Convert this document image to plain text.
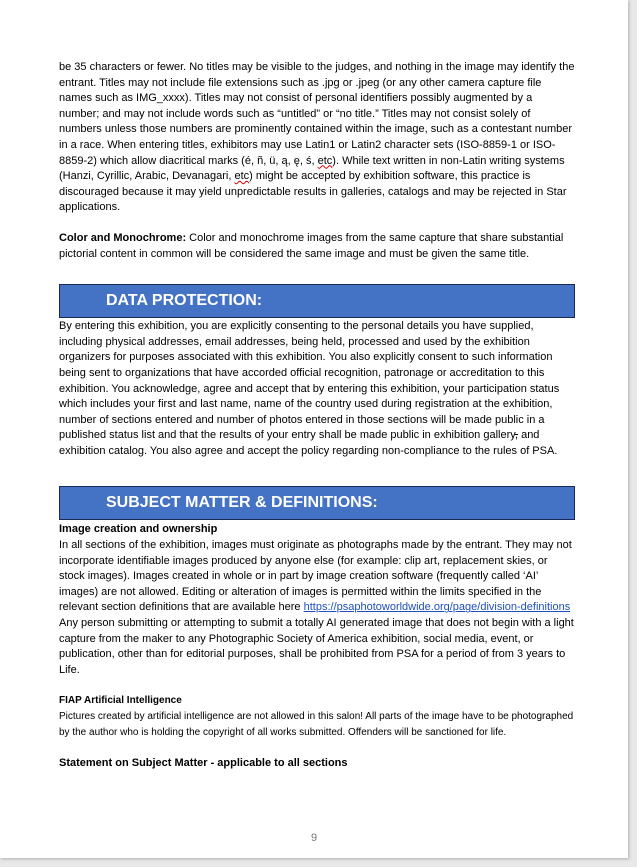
be 35 characters or fewer. No titles may be visible to the judges, and nothing in the image may identify the entrant. Titles may not include file extensions such as .jpg or .jpeg (or any other camera capture file names such as IMG_xxxx). Titles may not consist of personal identifiers possibly augmented by a number; and may not include words such as “untitled” or “no title.” Titles may not consist solely of numbers unless those numbers are prominently contained within the image, such as a contestant number in a race. When entering titles, exhibitors may use Latin1 or Latin2 character sets (ISO-8859-1 or ISO-8859-2) which allow diacritical marks (é, ñ, ü, ą, ę, ś, etc). While text written in non-Latin writing systems (Hanzi, Cyrillic, Arabic, Devanagari, etc) might be accepted by exhibition software, this practice is discouraged because it may yield unpredictable results in galleries, catalogs and may be rejected in Star applications.

Color and Monochrome: Color and monochrome images from the same capture that share substantial pictorial content in common will be considered the same image and must be given the same title.

DATA PROTECTION:

By entering this exhibition, you are explicitly consenting to the personal details you have supplied, including physical addresses, email addresses, being held, processed and used by the exhibition organizers for purposes associated with this exhibition. You also explicitly consent to such information being sent to organizations that have accorded official recognition, patronage or accreditation to this exhibition. You acknowledge, agree and accept that by entering this exhibition, your participation status which includes your first and last name, name of the country used during registration at the exhibition, number of sections entered and number of photos entered in those sections will be made public in a published status list and that the results of your entry shall be made public in exhibition gallery, and exhibition catalog. You also agree and accept the policy regarding non-compliance to the rules of PSA.

SUBJECT MATTER & DEFINITIONS:

Image creation and ownership

In all sections of the exhibition, images must originate as photographs made by the entrant. They may not incorporate identifiable images produced by anyone else (for example: clip art, replacement skies, or stock images). Images created in whole or in part by image creation software (frequently called ‘AI’ images) are not allowed. Editing or alteration of images is permitted within the limits specified in the relevant section definitions that are available here https://psaphotoworldwide.org/page/division-definitions Any person submitting or attempting to submit a totally AI generated image that does not begin with a light capture from the maker to any Photographic Society of America exhibition, social media, event, or publication, other than for editorial purposes, shall be prohibited from PSA for a period of from 3 years to Life.

FIAP Artificial Intelligence

Pictures created by artificial intelligence are not allowed in this salon! All parts of the image have to be photographed by the author who is holding the copyright of all works submitted. Offenders will be sanctioned for life.

Statement on Subject Matter - applicable to all sections

9
